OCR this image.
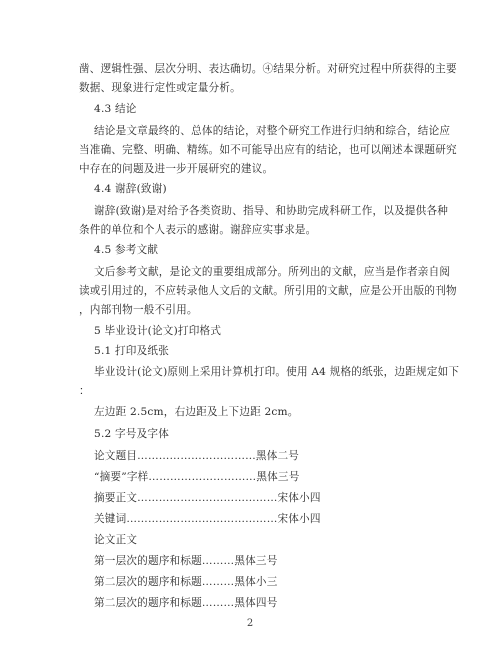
凿、逻辑性强、层次分明、表达确切。④结果分析。对研究过程中所获得的主要
数据、现象进行定性或定量分析。
4.3 结论
结论是文章最终的、总体的结论，对整个研究工作进行归纳和综合，结论应
当准确、完整、明确、精练。如不可能导出应有的结论，也可以阐述本课题研究
中存在的问题及进一步开展研究的建议。
4.4 谢辞(致谢)
谢辞(致谢)是对给予各类资助、指导、和协助完成科研工作，以及提供各种
条件的单位和个人表示的感谢。谢辞应实事求是。
4.5 参考文献
文后参考文献，是论文的重要组成部分。所列出的文献，应当是作者亲自阅
读或引用过的，不应转录他人文后的文献。所引用的文献，应是公开出版的刊物
，内部刊物一般不引用。
5 毕业设计(论文)打印格式
5.1 打印及纸张
毕业设计(论文)原则上采用计算机打印。使用 A4 规格的纸张，边距规定如下
：
左边距 2.5cm，右边距及上下边距 2cm。
5.2 字号及字体
论文题目……………………………黑体二号
“摘要”字样…………………………黑体三号
摘要正文…………………………………宋体小四
关键词……………………………………宋体小四
论文正文
第一层次的题序和标题………黑体三号
第二层次的题序和标题………黑体小三
第二层次的题序和标题………黑体四号
2
